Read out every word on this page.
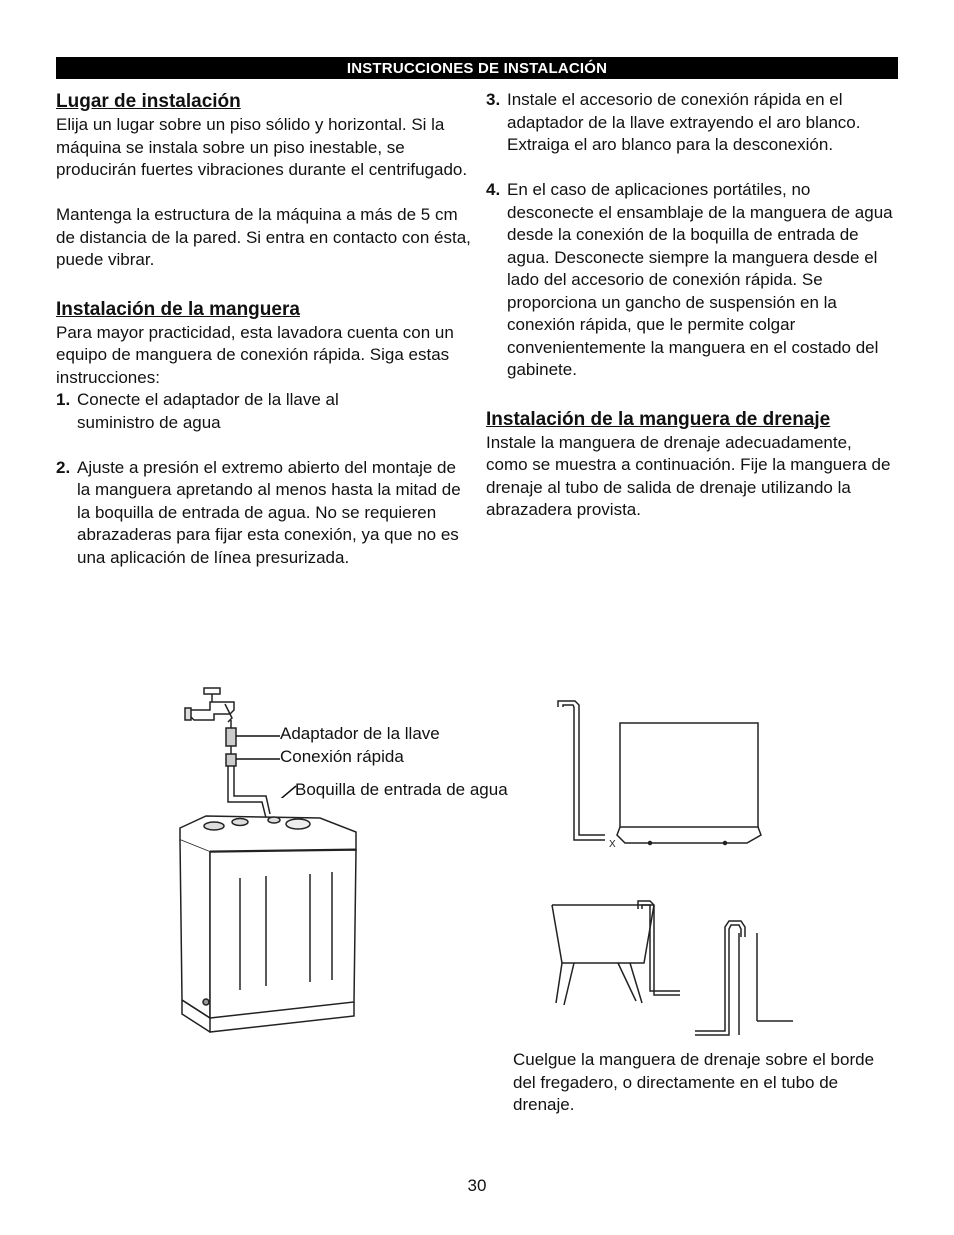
INSTRUCCIONES DE INSTALACIÓN
Lugar de instalación

Elija un lugar sobre un piso sólido y horizontal. Si la máquina se instala sobre un piso inestable, se producirán fuertes vibraciones durante el centrifugado.

Mantenga la estructura de la máquina a más de 5 cm de distancia de la pared. Si entra en contacto con ésta, puede vibrar.

Instalación de la manguera

Para mayor practicidad, esta lavadora cuenta con un equipo de manguera de conexión rápida. Siga estas instrucciones:

1. Conecte el adaptador de la llave al suministro de agua
2. Ajuste a presión el extremo abierto del montaje de la manguera apretando al menos hasta la mitad de la boquilla de entrada de agua. No se requieren abrazaderas para fijar esta conexión, ya que no es una aplicación de línea presurizada.
3. Instale el accesorio de conexión rápida en el adaptador de la llave extrayendo el aro blanco. Extraiga el aro blanco para la desconexión.
4. En el caso de aplicaciones portátiles, no desconecte el ensamblaje de la manguera de agua desde la conexión de la boquilla de entrada de agua. Desconecte siempre la manguera desde el lado del accesorio de conexión rápida. Se proporciona un gancho de suspensión en la conexión rápida, que le permite colgar convenientemente la manguera en el costado del gabinete.
Instalación de la manguera de drenaje

Instale la manguera de drenaje adecuadamente, como se muestra a continuación. Fije la manguera de drenaje al tubo de salida de drenaje utilizando la abrazadera provista.

Adaptador de la llave
Conexión rápida
Boquilla de entrada de agua
X
Cuelgue la manguera de drenaje sobre el borde del fregadero, o directamente en el tubo de drenaje.
30
